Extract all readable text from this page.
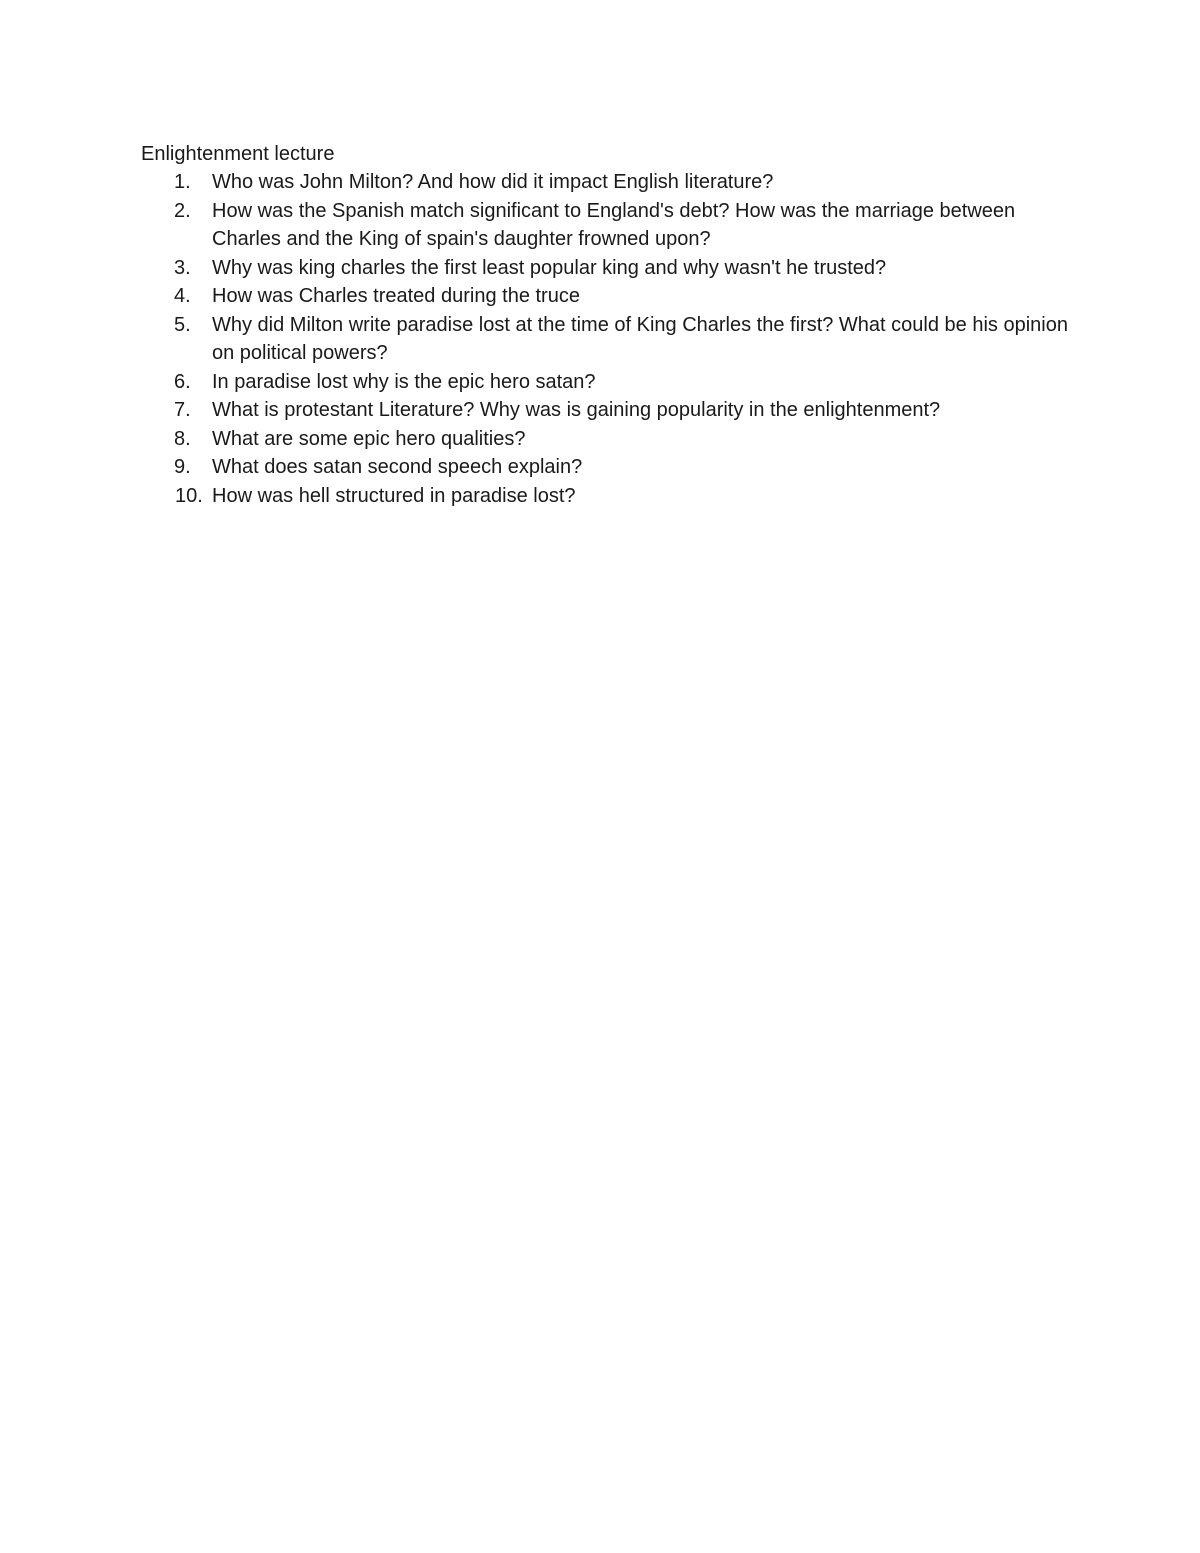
Enlightenment lecture

1.	Who was John Milton? And how did it impact English literature?
2.	How was the Spanish match significant to England's debt? How was the marriage between Charles and the King of spain's daughter frowned upon?
3.	Why was king charles the first least popular king and why wasn't he trusted?
4.	How was Charles treated during the truce
5.	Why did Milton write paradise lost at the time of King Charles the first? What could be his opinion on political powers?
6.	In paradise lost why is the epic hero satan?
7.	What is protestant Literature? Why was is gaining popularity in the enlightenment?
8.	What are some epic hero qualities?
9.	What does satan second speech explain?
10. How was hell structured in paradise lost?
